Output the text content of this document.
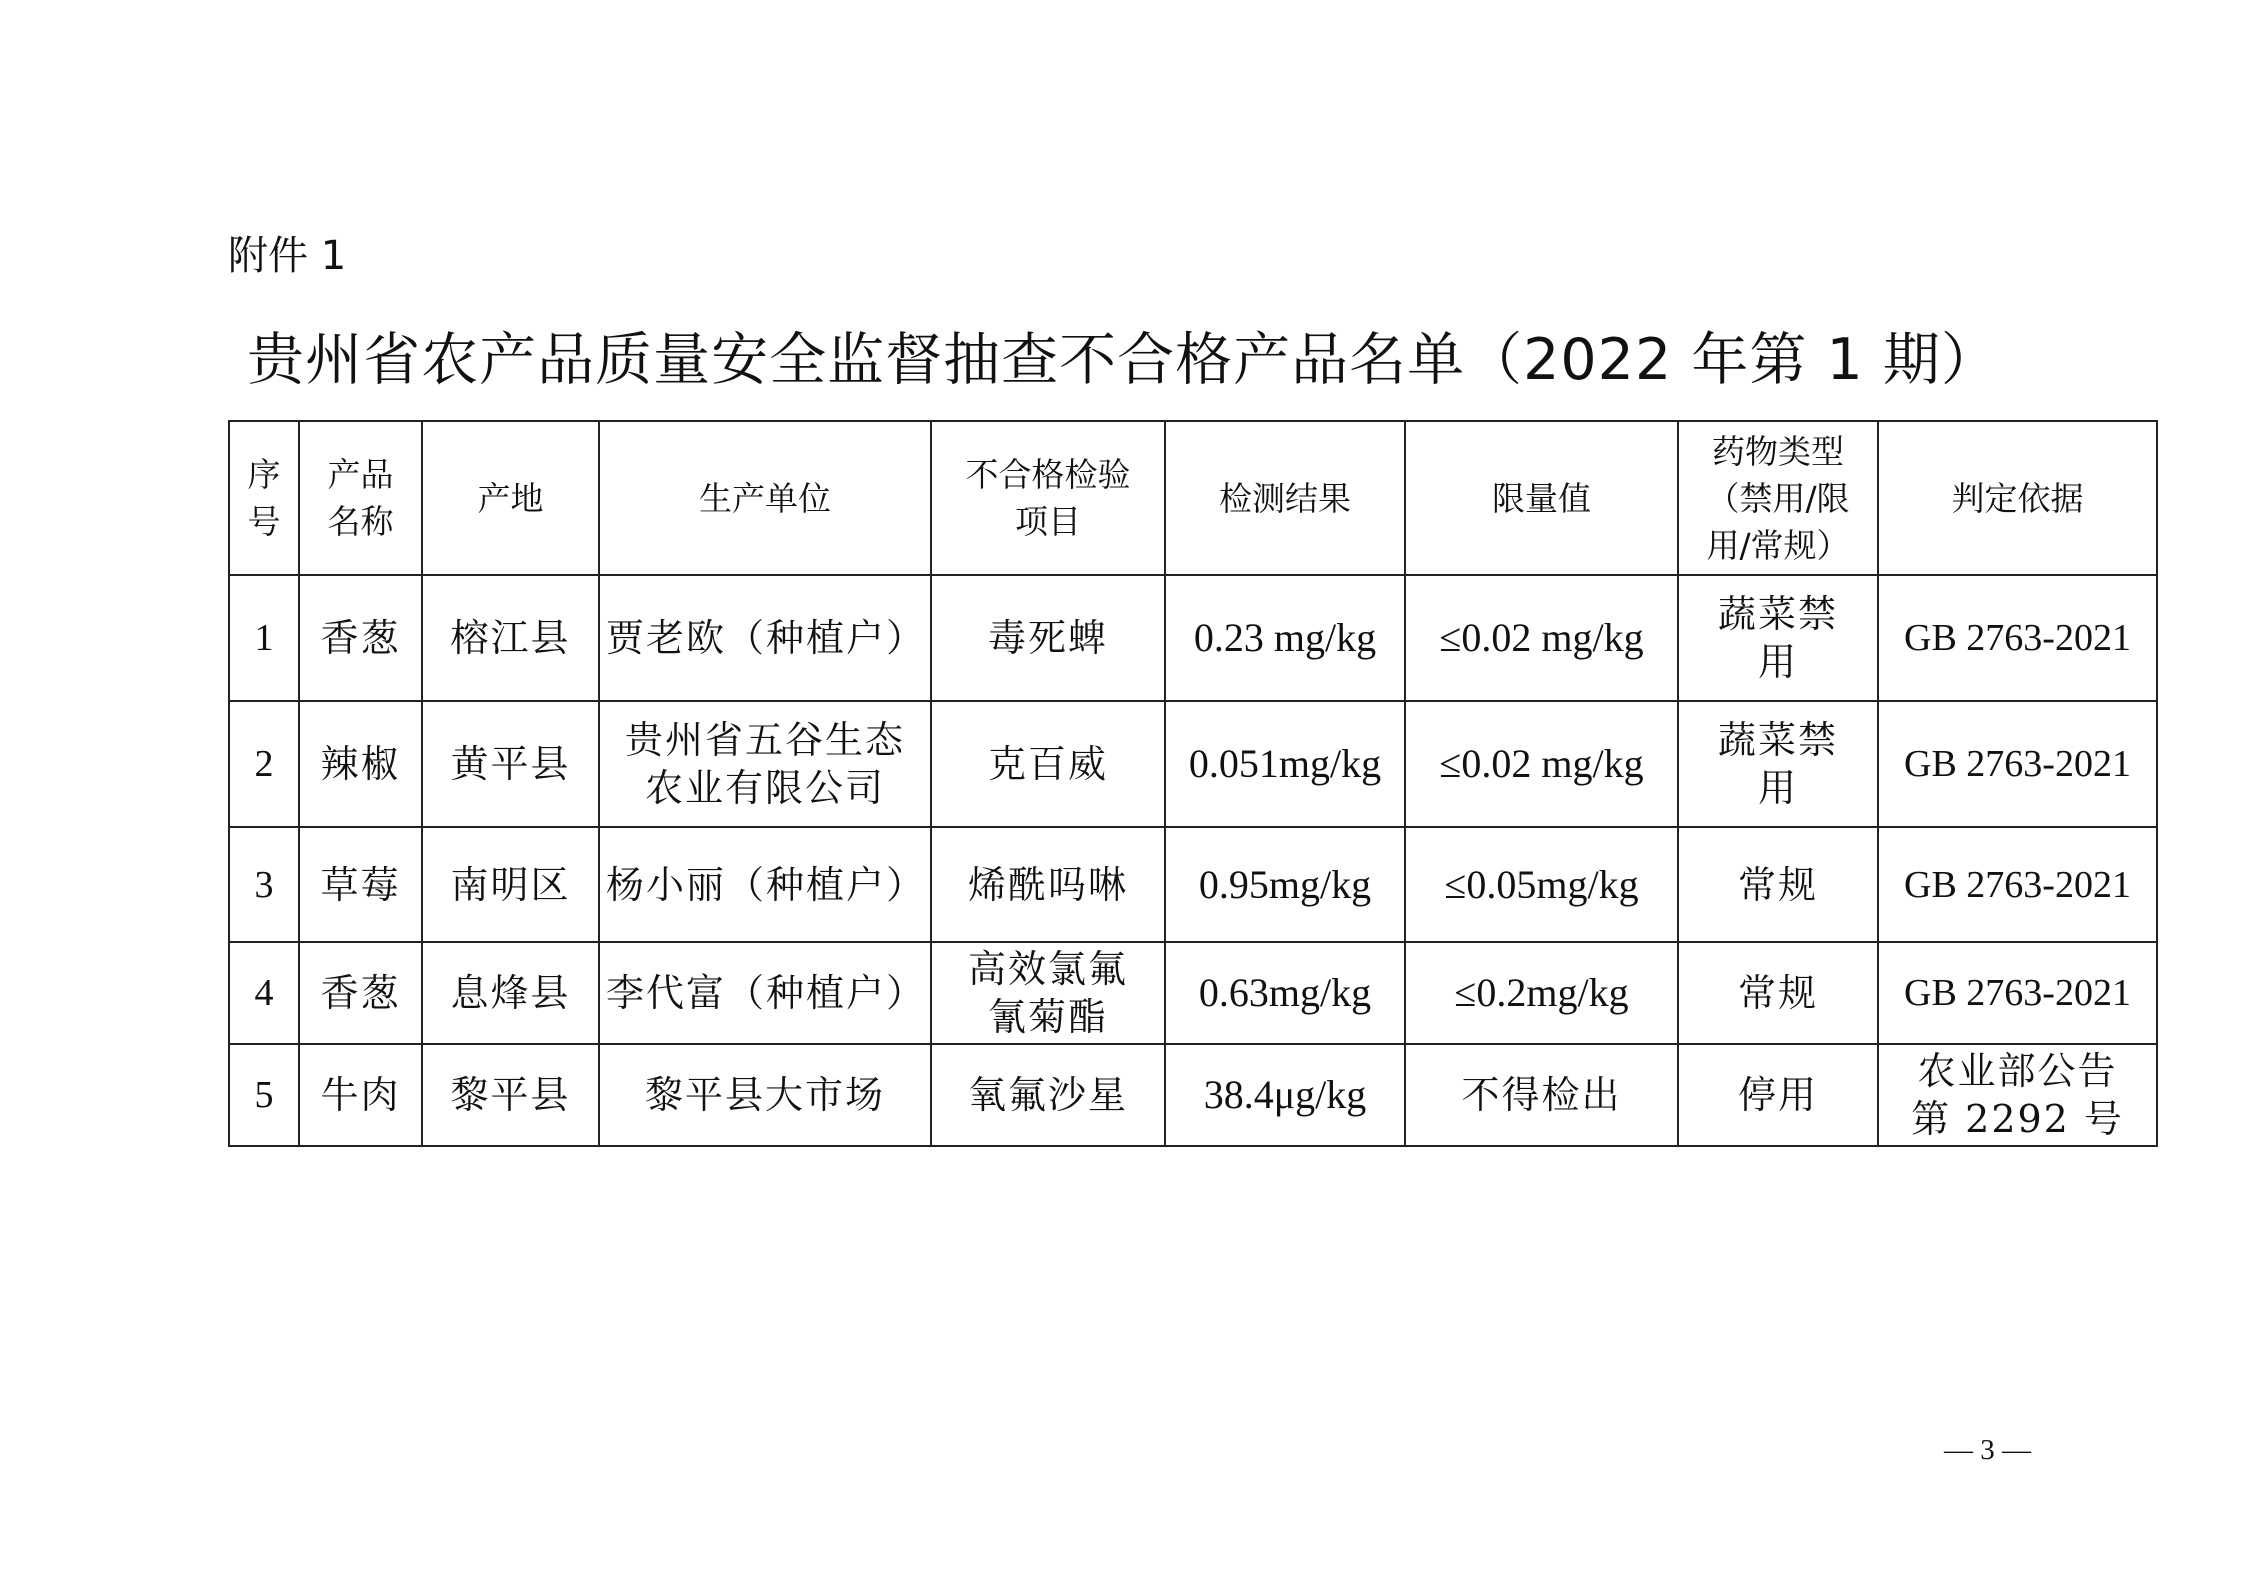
附件 1
贵州省农产品质量安全监督抽查不合格产品名单（2022 年第 1 期）
序号	产品名称	产地	生产单位	不合格检验项目	检测结果	限量值	药物类型（禁用/限用/常规）	判定依据
1	香葱	榕江县	贾老欧（种植户）	毒死蜱	0.23 mg/kg	≤0.02 mg/kg	蔬菜禁用	GB 2763-2021
2	辣椒	黄平县	贵州省五谷生态农业有限公司	克百威	0.051mg/kg	≤0.02 mg/kg	蔬菜禁用	GB 2763-2021
3	草莓	南明区	杨小丽（种植户）	烯酰吗啉	0.95mg/kg	≤0.05mg/kg	常规	GB 2763-2021
4	香葱	息烽县	李代富（种植户）	高效氯氟氰菊酯	0.63mg/kg	≤0.2mg/kg	常规	GB 2763-2021
5	牛肉	黎平县	黎平县大市场	氧氟沙星	38.4μg/kg	不得检出	停用	农业部公告第 2292 号
— 3 —
